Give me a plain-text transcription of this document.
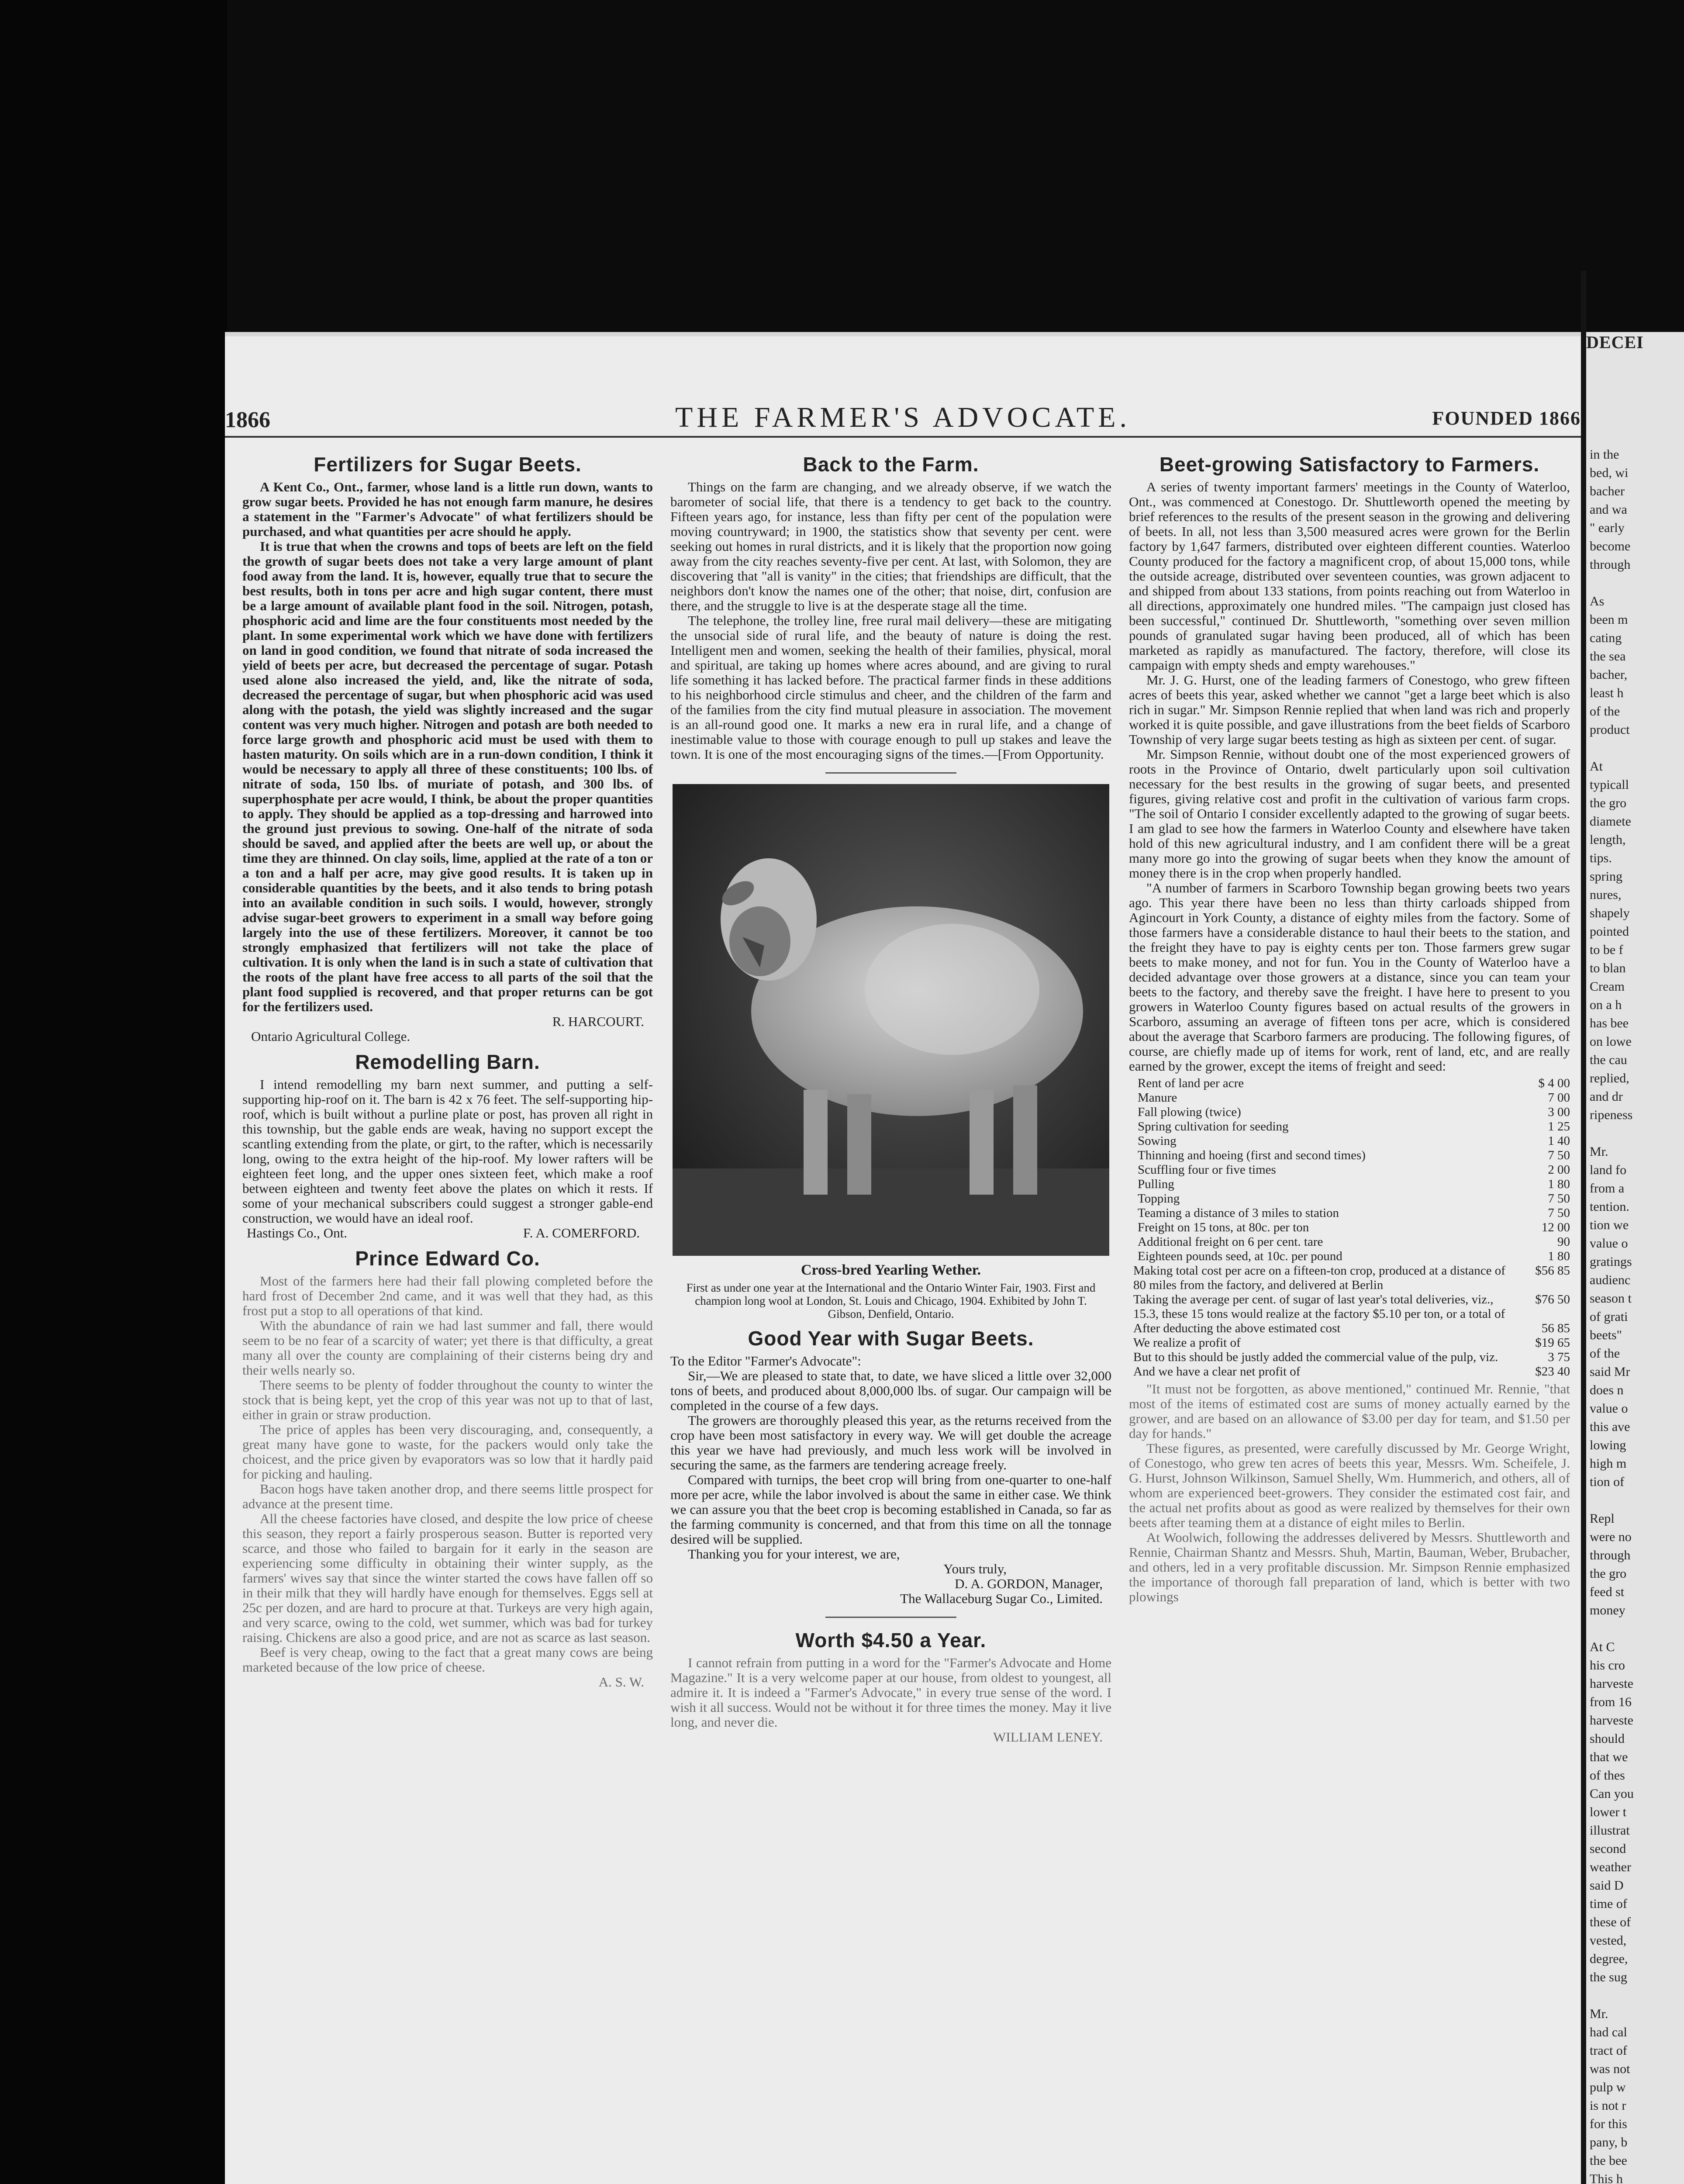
1866	THE FARMER'S ADVOCATE.	FOUNDED 1866
Fertilizers for Sugar Beets.

A Kent Co., Ont., farmer, whose land is a little run down, wants to grow sugar beets. Provided he has not enough farm manure, he desires a statement in the "Farmer's Advocate" of what fertilizers should be purchased, and what quantities per acre should he apply.

It is true that when the crowns and tops of beets are left on the field the growth of sugar beets does not take a very large amount of plant food away from the land. It is, however, equally true that to secure the best results, both in tons per acre and high sugar content, there must be a large amount of available plant food in the soil. Nitrogen, potash, phosphoric acid and lime are the four constituents most needed by the plant. In some experimental work which we have done with fertilizers on land in good condition, we found that nitrate of soda increased the yield of beets per acre, but decreased the percentage of sugar. Potash used alone also increased the yield, and, like the nitrate of soda, decreased the percentage of sugar, but when phosphoric acid was used along with the potash, the yield was slightly increased and the sugar content was very much higher. Nitrogen and potash are both needed to force large growth and phosphoric acid must be used with them to hasten maturity. On soils which are in a run-down condition, I think it would be necessary to apply all three of these constituents; 100 lbs. of nitrate of soda, 150 lbs. of muriate of potash, and 300 lbs. of superphosphate per acre would, I think, be about the proper quantities to apply. They should be applied as a top-dressing and harrowed into the ground just previous to sowing. One-half of the nitrate of soda should be saved, and applied after the beets are well up, or about the time they are thinned. On clay soils, lime, applied at the rate of a ton or a ton and a half per acre, may give good results. It is taken up in considerable quantities by the beets, and it also tends to bring potash into an available condition in such soils. I would, however, strongly advise sugar-beet growers to experiment in a small way before going largely into the use of these fertilizers. Moreover, it cannot be too strongly emphasized that fertilizers will not take the place of cultivation. It is only when the land is in such a state of cultivation that the roots of the plant have free access to all parts of the soil that the plant food supplied is recovered, and that proper returns can be got for the fertilizers used.

R. HARCOURT.
Ontario Agricultural College.
Remodelling Barn.

I intend remodelling my barn next summer, and putting a self-supporting hip-roof on it. The barn is 42 x 76 feet. The self-supporting hip-roof, which is built without a purline plate or post, has proven all right in this township, but the gable ends are weak, having no support except the scantling extending from the plate, or girt, to the rafter, which is necessarily long, owing to the extra height of the hip-roof. My lower rafters will be eighteen feet long, and the upper ones sixteen feet, which make a roof between eighteen and twenty feet above the plates on which it rests. If some of your mechanical subscribers could suggest a stronger gable-end construction, we would have an ideal roof.

Hastings Co., Ont.	F. A. COMERFORD.
Prince Edward Co.

Most of the farmers here had their fall plowing completed before the hard frost of December 2nd came, and it was well that they had, as this frost put a stop to all operations of that kind.

With the abundance of rain we had last summer and fall, there would seem to be no fear of a scarcity of water; yet there is that difficulty, a great many all over the county are complaining of their cisterns being dry and their wells nearly so.

There seems to be plenty of fodder throughout the county to winter the stock that is being kept, yet the crop of this year was not up to that of last, either in grain or straw production.

The price of apples has been very discouraging, and, consequently, a great many have gone to waste, for the packers would only take the choicest, and the price given by evaporators was so low that it hardly paid for picking and hauling.

Bacon hogs have taken another drop, and there seems little prospect for advance at the present time.

All the cheese factories have closed, and despite the low price of cheese this season, they report a fairly prosperous season. Butter is reported very scarce, and those who failed to bargain for it early in the season are experiencing some difficulty in obtaining their winter supply, as the farmers' wives say that since the winter started the cows have fallen off so in their milk that they will hardly have enough for themselves. Eggs sell at 25c per dozen, and are hard to procure at that. Turkeys are very high again, and very scarce, owing to the cold, wet summer, which was bad for turkey raising. Chickens are also a good price, and are not as scarce as last season.

Beef is very cheap, owing to the fact that a great many cows are being marketed because of the low price of cheese.

A. S. W.
Back to the Farm.

Things on the farm are changing, and we already observe, if we watch the barometer of social life, that there is a tendency to get back to the country. Fifteen years ago, for instance, less than fifty per cent of the population were moving countryward; in 1900, the statistics show that seventy per cent. were seeking out homes in rural districts, and it is likely that the proportion now going away from the city reaches seventy-five per cent. At last, with Solomon, they are discovering that "all is vanity" in the cities; that friendships are difficult, that the neighbors don't know the names one of the other; that noise, dirt, confusion are there, and the struggle to live is at the desperate stage all the time.

The telephone, the trolley line, free rural mail delivery—these are mitigating the unsocial side of rural life, and the beauty of nature is doing the rest. Intelligent men and women, seeking the health of their families, physical, moral and spiritual, are taking up homes where acres abound, and are giving to rural life something it has lacked before. The practical farmer finds in these additions to his neighborhood circle stimulus and cheer, and the children of the farm and of the families from the city find mutual pleasure in association. The movement is an all-round good one. It marks a new era in rural life, and a change of inestimable value to those with courage enough to pull up stakes and leave the town. It is one of the most encouraging signs of the times.—[From Opportunity.

Cross-bred Yearling Wether.
First as under one year at the International and the Ontario Winter Fair, 1903. First and champion long wool at London, St. Louis and Chicago, 1904. Exhibited by John T. Gibson, Denfield, Ontario.
Good Year with Sugar Beets.

To the Editor "Farmer's Advocate":

Sir,—We are pleased to state that, to date, we have sliced a little over 32,000 tons of beets, and produced about 8,000,000 lbs. of sugar. Our campaign will be completed in the course of a few days.

The growers are thoroughly pleased this year, as the returns received from the crop have been most satisfactory in every way. We will get double the acreage this year we have had previously, and much less work will be involved in securing the same, as the farmers are tendering acreage freely.

Compared with turnips, the beet crop will bring from one-quarter to one-half more per acre, while the labor involved is about the same in either case. We think we can assure you that the beet crop is becoming established in Canada, so far as the farming community is concerned, and that from this time on all the tonnage desired will be supplied.

Thanking you for your interest, we are,

Yours truly,
D. A. GORDON, Manager,
The Wallaceburg Sugar Co., Limited.
Worth $4.50 a Year.

I cannot refrain from putting in a word for the "Farmer's Advocate and Home Magazine." It is a very welcome paper at our house, from oldest to youngest, all admire it. It is indeed a "Farmer's Advocate," in every true sense of the word. I wish it all success. Would not be without it for three times the money. May it live long, and never die.

WILLIAM LENEY.
Beet-growing Satisfactory to Farmers.

A series of twenty important farmers' meetings in the County of Waterloo, Ont., was commenced at Conestogo. Dr. Shuttleworth opened the meeting by brief references to the results of the present season in the growing and delivering of beets. In all, not less than 3,500 measured acres were grown for the Berlin factory by 1,647 farmers, distributed over eighteen different counties. Waterloo County produced for the factory a magnificent crop, of about 15,000 tons, while the outside acreage, distributed over seventeen counties, was grown adjacent to and shipped from about 133 stations, from points reaching out from Waterloo in all directions, approximately one hundred miles. "The campaign just closed has been successful," continued Dr. Shuttleworth, "something over seven million pounds of granulated sugar having been produced, all of which has been marketed as rapidly as manufactured. The factory, therefore, will close its campaign with empty sheds and empty warehouses."

Mr. J. G. Hurst, one of the leading farmers of Conestogo, who grew fifteen acres of beets this year, asked whether we cannot "get a large beet which is also rich in sugar." Mr. Simpson Rennie replied that when land was rich and properly worked it is quite possible, and gave illustrations from the beet fields of Scarboro Township of very large sugar beets testing as high as sixteen per cent. of sugar.

Mr. Simpson Rennie, without doubt one of the most experienced growers of roots in the Province of Ontario, dwelt particularly upon soil cultivation necessary for the best results in the growing of sugar beets, and presented figures, giving relative cost and profit in the cultivation of various farm crops. "The soil of Ontario I consider excellently adapted to the growing of sugar beets. I am glad to see how the farmers in Waterloo County and elsewhere have taken hold of this new agricultural industry, and I am confident there will be a great many more go into the growing of sugar beets when they know the amount of money there is in the crop when properly handled.

"A number of farmers in Scarboro Township began growing beets two years ago. This year there have been no less than thirty carloads shipped from Agincourt in York County, a distance of eighty miles from the factory. Some of those farmers have a considerable distance to haul their beets to the station, and the freight they have to pay is eighty cents per ton. Those farmers grew sugar beets to make money, and not for fun. You in the County of Waterloo have a decided advantage over those growers at a distance, since you can team your beets to the factory, and thereby save the freight. I have here to present to you growers in Waterloo County figures based on actual results of the growers in Scarboro, assuming an average of fifteen tons per acre, which is considered about the average that Scarboro farmers are producing. The following figures, of course, are chiefly made up of items for work, rent of land, etc, and are really earned by the grower, except the items of freight and seed:

Rent of land per acre	$ 4 00
Manure	7 00
Fall plowing (twice)	3 00
Spring cultivation for seeding	1 25
Sowing	1 40
Thinning and hoeing (first and second times)	7 50
Scuffling four or five times	2 00
Pulling	1 80
Topping	7 50
Teaming a distance of 3 miles to station	7 50
Freight on 15 tons, at 80c. per ton	12 00
Additional freight on 6 per cent. tare	90
Eighteen pounds seed, at 10c. per pound	1 80
Making total cost per acre on a fifteen-ton crop, produced at a distance of 80 miles from the factory, and delivered at Berlin	$56 85
Taking the average per cent. of sugar of last year's total deliveries, viz., 15.3, these 15 tons would realize at the factory $5.10 per ton, or a total of	$76 50
After deducting the above estimated cost	56 85
We realize a profit of	$19 65
But to this should be justly added the commercial value of the pulp, viz.	3 75
And we have a clear net profit of	$23 40

"It must not be forgotten, as above mentioned," continued Mr. Rennie, "that most of the items of estimated cost are sums of money actually earned by the grower, and are based on an allowance of $3.00 per day for team, and $1.50 per day for hands."

These figures, as presented, were carefully discussed by Mr. George Wright, of Conestogo, who grew ten acres of beets this year, Messrs. Wm. Scheifele, J. G. Hurst, Johnson Wilkinson, Samuel Shelly, Wm. Hummerich, and others, all of whom are experienced beet-growers. They consider the estimated cost fair, and the actual net profits about as good as were realized by themselves for their own beets after teaming them at a distance of eight miles to Berlin.

At Woolwich, following the addresses delivered by Messrs. Shuttleworth and Rennie, Chairman Shantz and Messrs. Shuh, Martin, Bauman, Weber, Brubacher, and others, led in a very profitable discussion. Mr. Simpson Rennie emphasized the importance of thorough fall preparation of land, which is better with two plowings

DECEI
in the
bed, wi
bacher
and wa
" early
become
through
As
been m
cating
the sea
bacher,
least h
of the
product
At
typicall
the gro
diamete
length,
tips.
spring
nures,
shapely
pointed
to be f
to blan
Cream
on a h
has bee
on lowe
the cau
replied,
and dr
ripeness
Mr.
land fo
from a
tention.
tion we
value o
gratings
audienc
season t
of grati
beets"
of the
said Mr
does n
value o
this ave
lowing
high m
tion of
Repl
were no
through
the gro
feed st
money
At C
his cro
harveste
from 16
harveste
should
that we
of thes
Can you
lower t
illustrat
second
weather
said D
time of
these of
vested,
degree,
the sug
Mr.
had cal
tract of
was not
pulp w
is not r
for this
pany, b
the bee
This h
